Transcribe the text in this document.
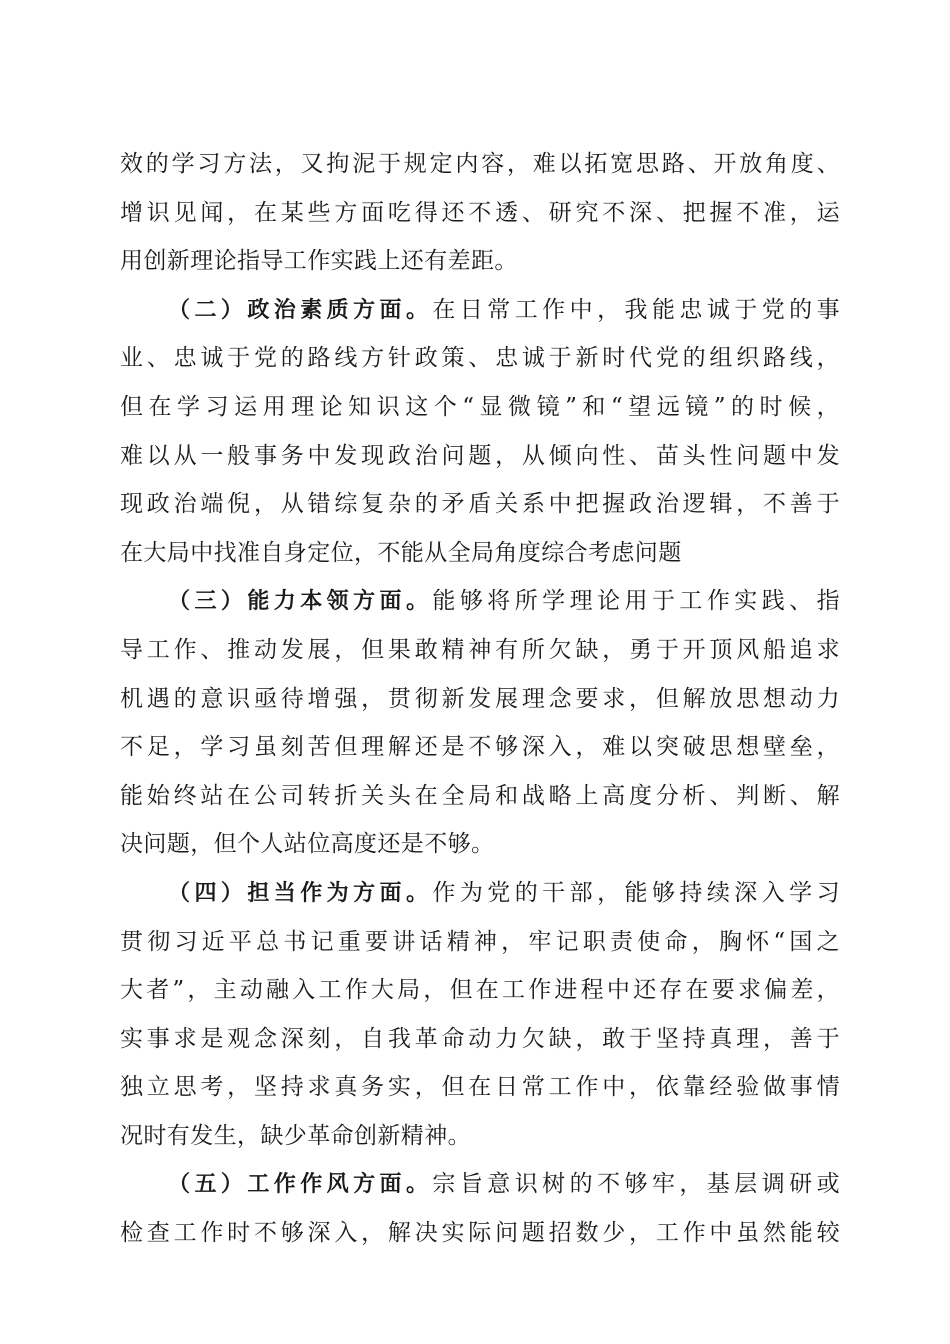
效的学习方法，又拘泥于规定内容，难以拓宽思路、开放角度、
增识见闻，在某些方面吃得还不透、研究不深、把握不准，运
用创新理论指导工作实践上还有差距。
（二）政治素质方面。在日常工作中，我能忠诚于党的事
业、忠诚于党的路线方针政策、忠诚于新时代党的组织路线，
但在学习运用理论知识这个“显微镜”和“望远镜”的时候，
难以从一般事务中发现政治问题，从倾向性、苗头性问题中发
现政治端倪，从错综复杂的矛盾关系中把握政治逻辑，不善于
在大局中找准自身定位，不能从全局角度综合考虑问题
（三）能力本领方面。能够将所学理论用于工作实践、指
导工作、推动发展，但果敢精神有所欠缺，勇于开顶风船追求
机遇的意识亟待增强，贯彻新发展理念要求，但解放思想动力
不足，学习虽刻苦但理解还是不够深入，难以突破思想壁垒，
能始终站在公司转折关头在全局和战略上高度分析、判断、解
决问题，但个人站位高度还是不够。
（四）担当作为方面。作为党的干部，能够持续深入学习
贯彻习近平总书记重要讲话精神，牢记职责使命，胸怀“国之
大者”，主动融入工作大局，但在工作进程中还存在要求偏差，
实事求是观念深刻，自我革命动力欠缺，敢于坚持真理，善于
独立思考，坚持求真务实，但在日常工作中，依靠经验做事情
况时有发生，缺少革命创新精神。
（五）工作作风方面。宗旨意识树的不够牢，基层调研或
检查工作时不够深入，解决实际问题招数少，工作中虽然能较
